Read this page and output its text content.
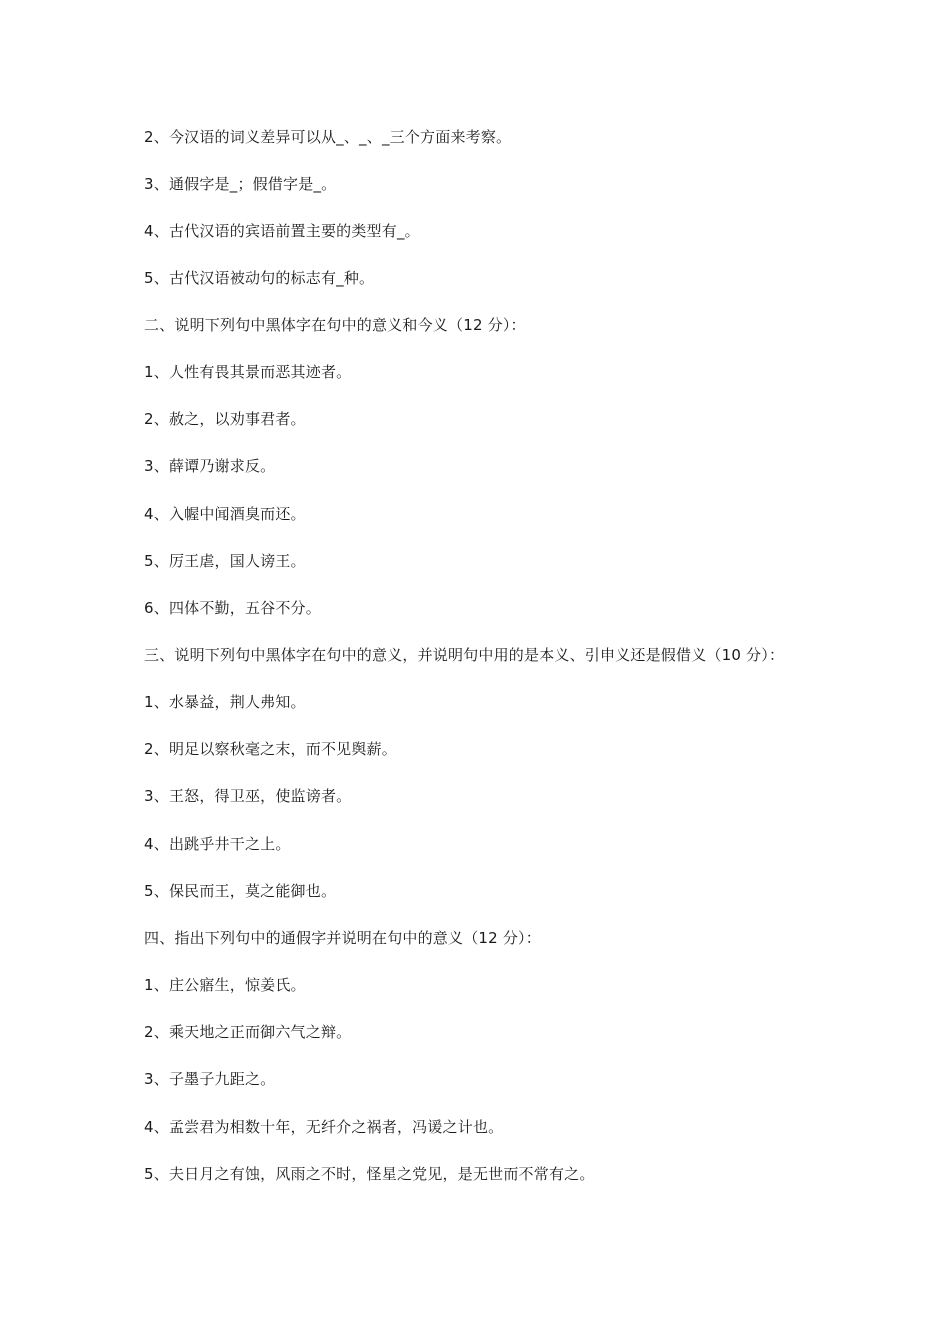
2、今汉语的词义差异可以从_、_、_三个方面来考察。
3、通假字是_；假借字是_。
4、古代汉语的宾语前置主要的类型有_。
5、古代汉语被动句的标志有_种。
二、说明下列句中黑体字在句中的意义和今义（12 分）：
1、人性有畏其景而恶其迹者。
2、赦之，以劝事君者。
3、薛谭乃谢求反。
4、入幄中闻酒臭而还。
5、厉王虐，国人谤王。
6、四体不勤，五谷不分。
三、说明下列句中黑体字在句中的意义，并说明句中用的是本义、引申义还是假借义（10 分）：
1、水暴益，荆人弗知。
2、明足以察秋毫之末，而不见舆薪。
3、王怒，得卫巫，使监谤者。
4、出跳乎井干之上。
5、保民而王，莫之能御也。
四、指出下列句中的通假字并说明在句中的意义（12 分）：
1、庄公寤生，惊姜氏。
2、乘天地之正而御六气之辩。
3、子墨子九距之。
4、孟尝君为相数十年，无纤介之祸者，冯谖之计也。
5、夫日月之有蚀，风雨之不时，怪星之党见，是无世而不常有之。
